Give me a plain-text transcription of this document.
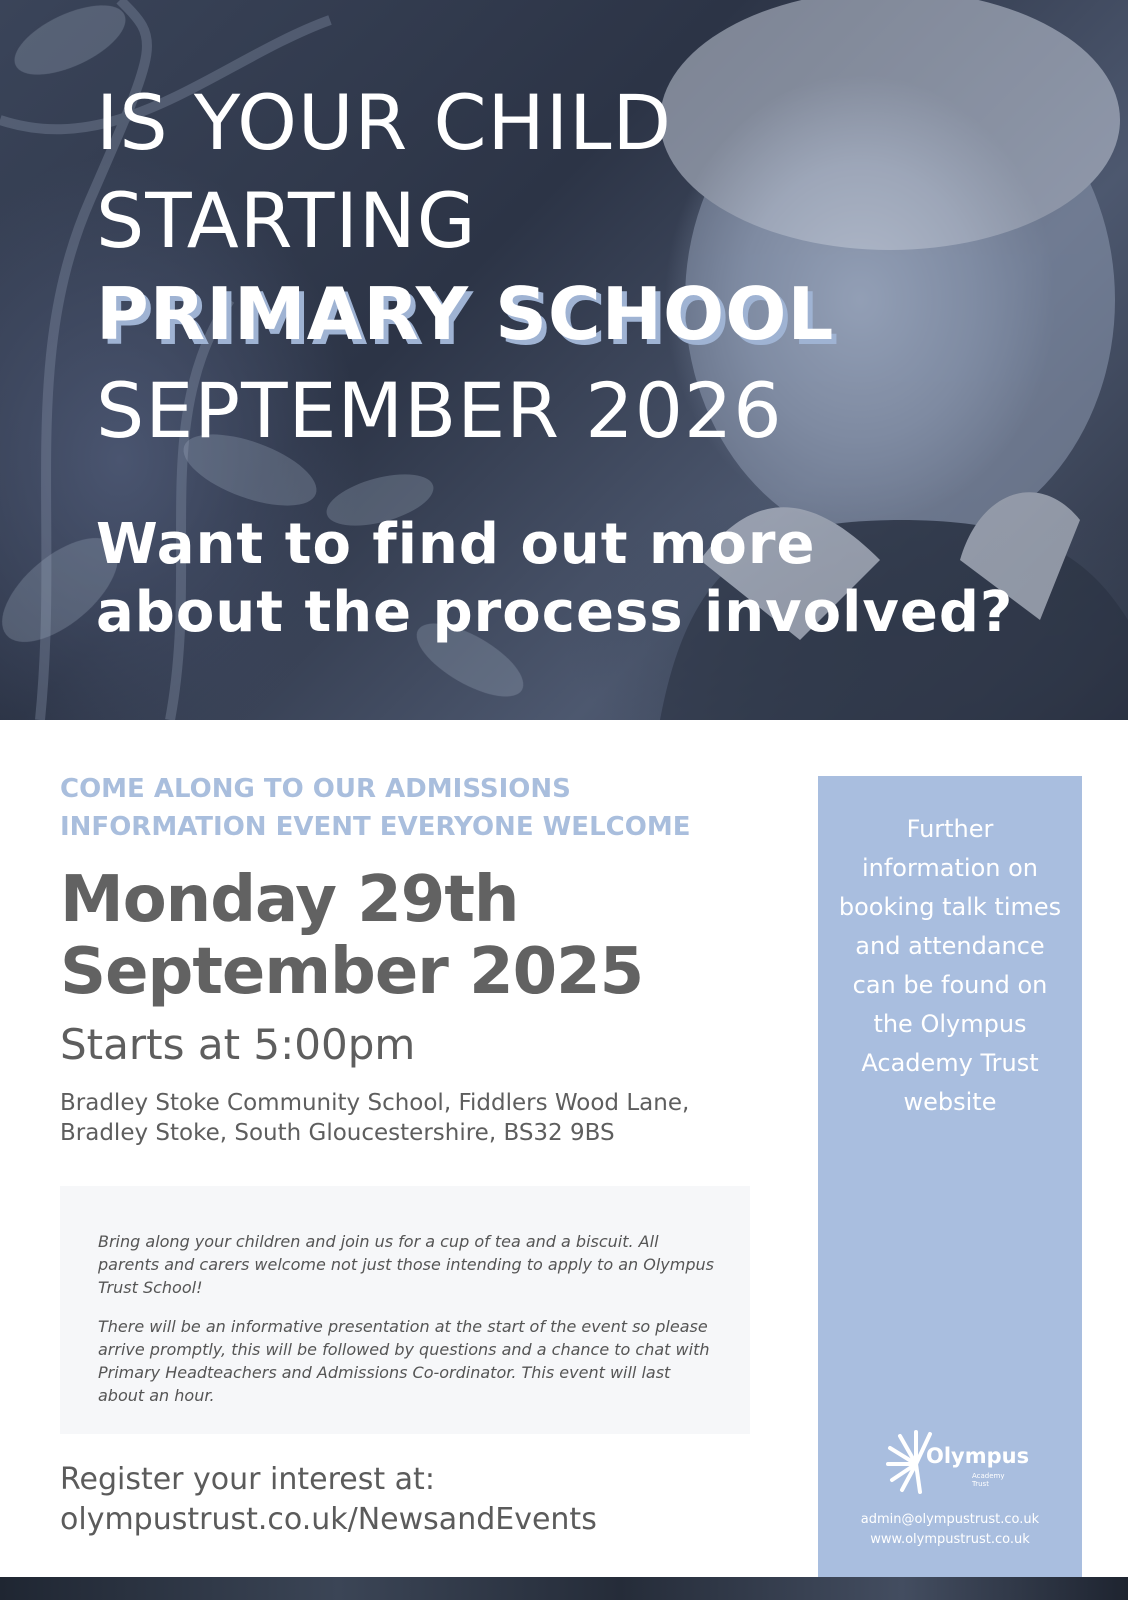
IS YOUR CHILD

STARTING

PRIMARY SCHOOL

SEPTEMBER 2026

Want to find out more

about the process involved?

COME ALONG TO OUR ADMISSIONS
INFORMATION EVENT EVERYONE WELCOME
Monday 29th
September 2025

Starts at 5:00pm

Bradley Stoke Community School, Fiddlers Wood Lane,
Bradley Stoke, South Gloucestershire, BS32 9BS

Bring along your children and join us for a cup of tea and a biscuit. All parents and carers welcome not just those intending to apply to an Olympus Trust School!

There will be an informative presentation at the start of the event so please arrive promptly, this will be followed by questions and a chance to chat with Primary Headteachers and Admissions Co-ordinator. This event will last about an hour.

Register your interest at:
olympustrust.co.uk/NewsandEvents

Further information on booking talk times and attendance can be found on the Olympus Academy Trust website

Olympus
Academy Trust
admin@olympustrust.co.uk
www.olympustrust.co.uk
